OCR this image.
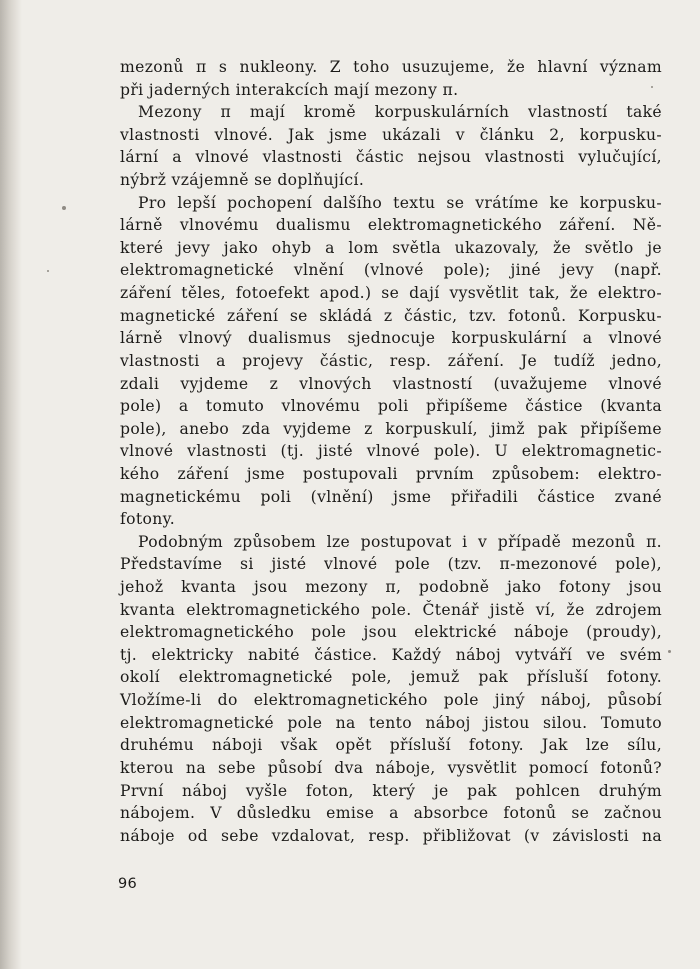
mezonů π s nukleony. Z toho usuzujeme, že hlavní význam
při jaderných interakcích mají mezony π.
Mezony π mají kromě korpuskulárních vlastností také
vlastnosti vlnové. Jak jsme ukázali v článku 2, korpusku-
lární a vlnové vlastnosti částic nejsou vlastnosti vylučující,
nýbrž vzájemně se doplňující.
Pro lepší pochopení dalšího textu se vrátíme ke korpusku-
lárně vlnovému dualismu elektromagnetického záření. Ně-
které jevy jako ohyb a lom světla ukazovaly, že světlo je
elektromagnetické vlnění (vlnové pole); jiné jevy (např.
záření těles, fotoefekt apod.) se dají vysvětlit tak, že elektro-
magnetické záření se skládá z částic, tzv. fotonů. Korpusku-
lárně vlnový dualismus sjednocuje korpuskulární a vlnové
vlastnosti a projevy částic, resp. záření. Je tudíž jedno,
zdali vyjdeme z vlnových vlastností (uvažujeme vlnové
pole) a tomuto vlnovému poli připíšeme částice (kvanta
pole), anebo zda vyjdeme z korpuskulí, jimž pak připíšeme
vlnové vlastnosti (tj. jisté vlnové pole). U elektromagnetic-
kého záření jsme postupovali prvním způsobem: elektro-
magnetickému poli (vlnění) jsme přiřadili částice zvané
fotony.
Podobným způsobem lze postupovat i v případě mezonů π.
Představíme si jisté vlnové pole (tzv. π-mezonové pole),
jehož kvanta jsou mezony π, podobně jako fotony jsou
kvanta elektromagnetického pole. Čtenář jistě ví, že zdrojem
elektromagnetického pole jsou elektrické náboje (proudy),
tj. elektricky nabité částice. Každý náboj vytváří ve svém
okolí elektromagnetické pole, jemuž pak přísluší fotony.
Vložíme-li do elektromagnetického pole jiný náboj, působí
elektromagnetické pole na tento náboj jistou silou. Tomuto
druhému náboji však opět přísluší fotony. Jak lze sílu,
kterou na sebe působí dva náboje, vysvětlit pomocí fotonů?
První náboj vyšle foton, který je pak pohlcen druhým
nábojem. V důsledku emise a absorbce fotonů se začnou
náboje od sebe vzdalovat, resp. přibližovat (v závislosti na
96
